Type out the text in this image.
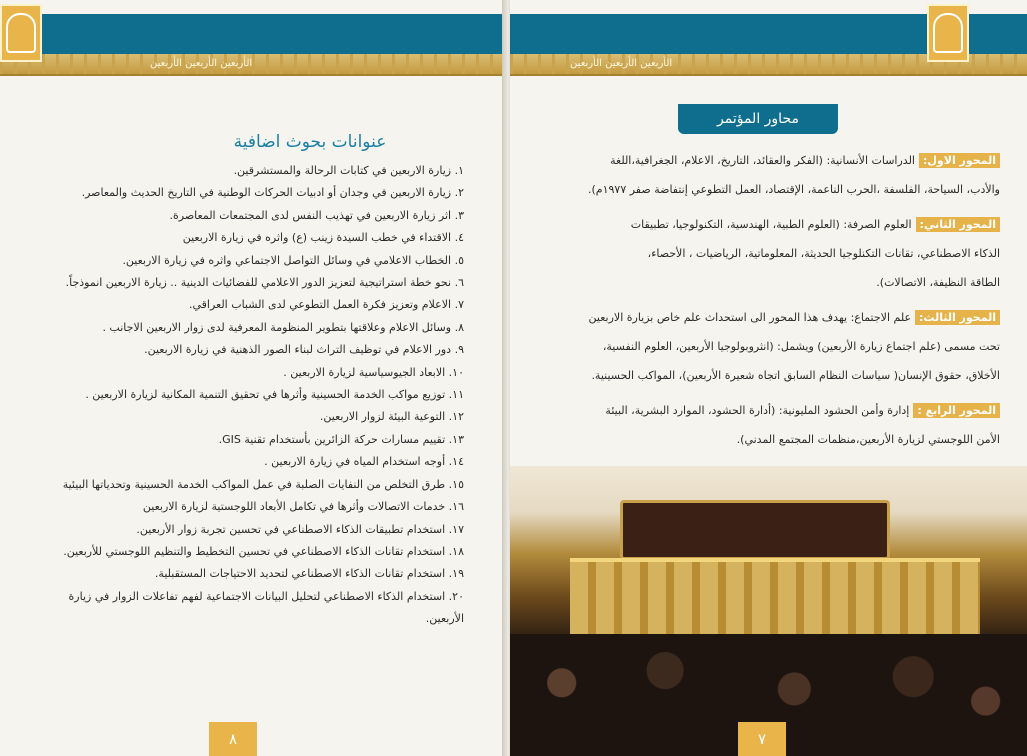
الأربعين الأربعين الأربعين
عنوانات بحوث اضافية
١. زيارة الاربعين في كتابات الرحالة والمستشرقين.
٢. زيارة الاربعين في وجدان أو ادبيات الحركات الوطنية في التاريخ الحديث والمعاصر.
٣. اثر زيارة الاربعين في تهذيب النفس لدى المجتمعات المعاصرة.
٤. الاقتداء في خطب السيدة زينب (ع) واثره في زيارة الاربعين
٥. الخطاب الاعلامي في وسائل التواصل الاجتماعي واثره في زيارة الاربعين.
٦. نحو خطة استراتيجية لتعزيز الدور الاعلامي للفضائيات الدينية .. زيارة الاربعين انموذجاً.
٧. الاعلام وتعزيز فكرة العمل التطوعي لدى الشباب العراقي.
٨. وسائل الاعلام وعلاقتها بتطوير المنظومة المعرفية لدى زوار الاربعين الاجانب .
٩. دور الاعلام في توظيف التراث لبناء الصور الذهنية في زيارة الاربعين.
١٠. الابعاد الجيوسياسية لزيارة الاربعين .
١١. توزيع مواكب الخدمة الحسينية وأثرها في تحقيق التنمية المكانية لزيارة الاربعين .
١٢. التوعية البيئة لزوار الاربعين.
١٣. تقييم مسارات حركة الزائرين بأستخدام تقنية GIS.
١٤. أوجه استخدام المياه في زيارة الاربعين .
١٥. طرق التخلص من النفايات الصلبة في عمل المواكب الخدمة الحسينية وتحدياتها البيئية
١٦. خدمات الاتصالات وأثرها في تكامل الأبعاد اللوجستية لزيارة الاربعين
١٧. استخدام تطبيقات الذكاء الاصطناعي في تحسين تجربة زوار الأربعين.
١٨. استخدام تقانات الذكاء الاصطناعي في تحسين التخطيط والتنظيم اللوجستي للأربعين.
١٩. استخدام تقانات الذكاء الاصطناعي لتحديد الاحتياجات المستقبلية.
٢٠. استخدام الذكاء الاصطناعي لتحليل البيانات الاجتماعية لفهم تفاعلات الزوار في زيارة الأربعين.
٨
الأربعين الأربعين الأربعين
محاور المؤتمر
المحور الاول:الدراسات الأنسانية: (الفكر والعقائد، التاريخ، الاعلام، الجغرافية،اللغة
والأدب، السياحة، الفلسفة ،الحرب الناعمة، الإقتصاد، العمل التطوعي إنتفاضة صفر ١٩٧٧م).
المحور الثاني:العلوم الصرفة: (العلوم الطبية، الهندسية، التكنولوجيا، تطبيقات
الذكاء الاصطناعي، تقانات التكنلوجيا الحديثة، المعلوماتية، الرياضيات ، الأحصاء،
الطاقة النظيفة، الاتصالات).
المحور الثالث:علم الاجتماع: يهدف هذا المحور الى استحداث علم خاص بزيارة الاربعين
تحت مسمى (علم اجتماع زيارة الأربعين) ويشمل: (انثروبولوجيا الأربعين، العلوم النفسية،
الأخلاق، حقوق الإنسان( سياسات النظام السابق اتجاه شعيرة الأربعين)، المواكب الحسينية.
المحور الرابع :إدارة وأمن الحشود المليونية: (أدارة الحشود، الموارد البشرية، البيئة
الأمن اللوجستي لزيارة الأربعين،منظمات المجتمع المدني).
٧
